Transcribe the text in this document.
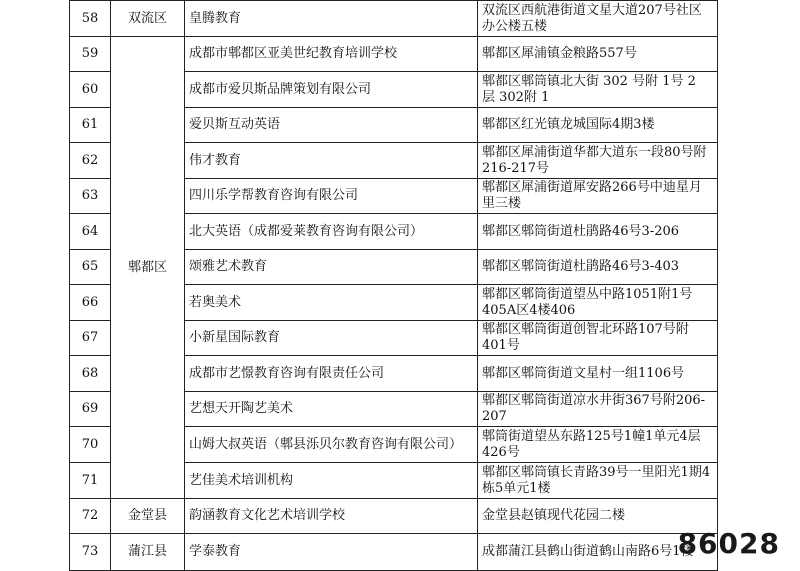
58	双流区	皇腾教育	双流区西航港街道文星大道207号社区办公楼五楼
59	郫都区	成都市郫都区亚美世纪教育培训学校	郫都区犀浦镇金粮路557号
60		成都市爱贝斯品牌策划有限公司	郫都区郫筒镇北大街 302 号附 1号 2 层 302附 1
61		爱贝斯互动英语	郫都区红光镇龙城国际4期3楼
62		伟才教育	郫都区犀浦街道华都大道东一段80号附216-217号
63		四川乐学帮教育咨询有限公司	郫都区犀浦街道犀安路266号中迪星月里三楼
64		北大英语（成都爱莱教育咨询有限公司）	郫都区郫筒街道杜鹃路46号3-206
65		颂雅艺术教育	郫都区郫筒街道杜鹃路46号3-403
66		若奥美术	郫都区郫筒街道望丛中路1051附1号405A区4楼406
67		小新星国际教育	郫都区郫筒街道创智北环路107号附401号
68		成都市艺憬教育咨询有限责任公司	郫都区郫筒街道文星村一组1106号
69		艺想天开陶艺美术	郫都区郫筒街道凉水井街367号附206-207
70		山姆大叔英语（郫县泺贝尔教育咨询有限公司）	郫筒街道望丛东路125号1幢1单元4层426号
71		艺佳美术培训机构	郫都区郫筒镇长青路39号一里阳光1期4栋5单元1楼
72	金堂县	韵涵教育文化艺术培训学校	金堂县赵镇现代花园二楼
73	蒲江县	学泰教育	成都蒲江县鹤山街道鹤山南路6号1楼
86028
